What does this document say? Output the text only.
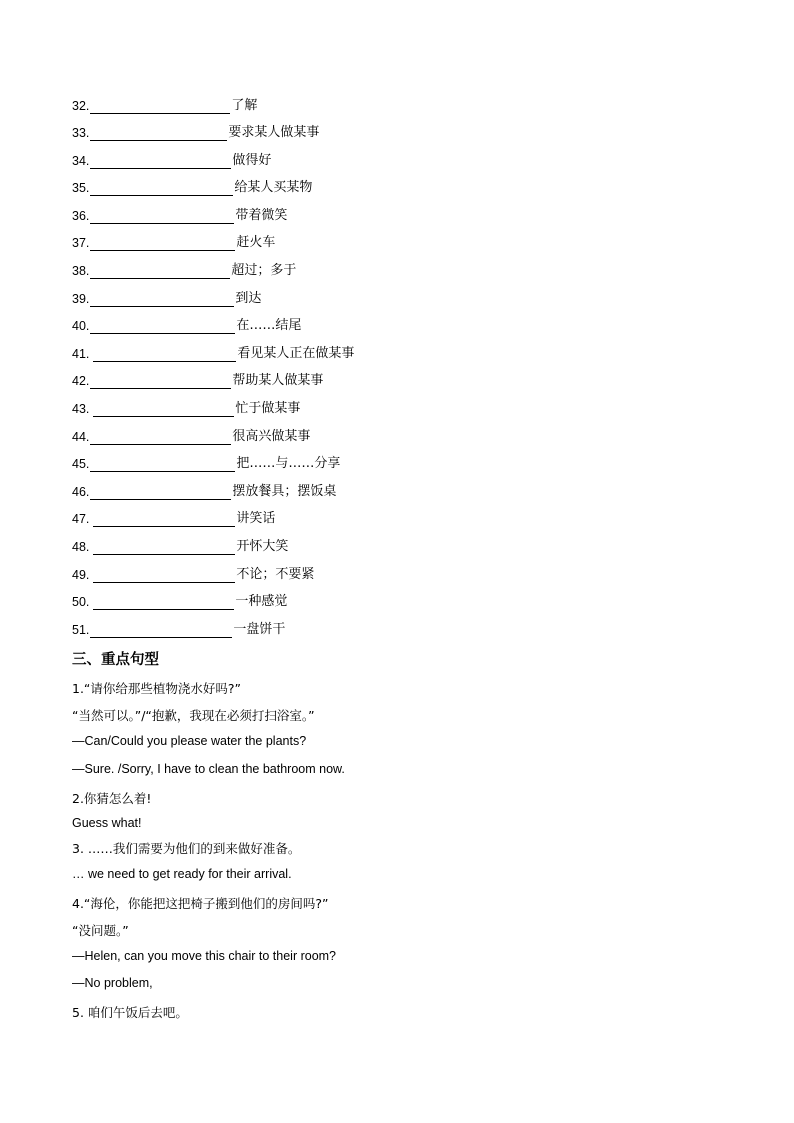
32.	了解
33.	要求某人做某事
34.	做得好
35.	给某人买某物
36.	带着微笑
37.	赶火车
38.	超过；多于
39.	到达
40.	在……结尾
41.	看见某人正在做某事
42.	帮助某人做某事
43.	忙于做某事
44.	很高兴做某事
45.	把……与……分享
46.	摆放餐具；摆饭桌
47.	讲笑话
48.	开怀大笑
49.	不论；不要紧
50.	一种感觉
51.	一盘饼干
三、重点句型
1.“请你给那些植物浇水好吗?”
“当然可以。”/“抱歉，我现在必须打扫浴室。”
—Can/Could you please water the plants?
—Sure. /Sorry, I have to clean the bathroom now.
2.你猜怎么着!
Guess what!
3. ……我们需要为他们的到来做好准备。
… we need to get ready for their arrival.
4.“海伦，你能把这把椅子搬到他们的房间吗?”
“没问题。”
—Helen, can you move this chair to their room?
—No problem,
5. 咱们午饭后去吧。
